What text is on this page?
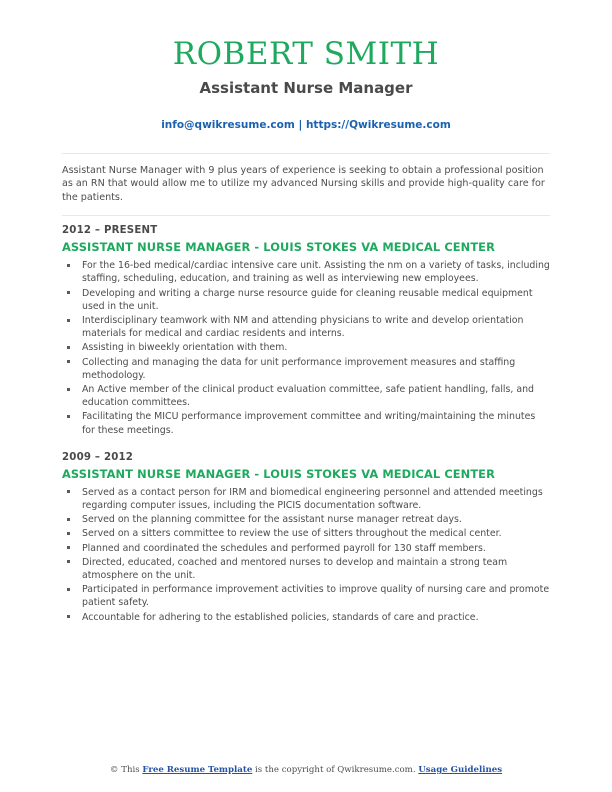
ROBERT SMITH
Assistant Nurse Manager
info@qwikresume.com | https://Qwikresume.com
Assistant Nurse Manager with 9 plus years of experience is seeking to obtain a professional position as an RN that would allow me to utilize my advanced Nursing skills and provide high-quality care for the patients.
2012 – PRESENT
ASSISTANT NURSE MANAGER - LOUIS STOKES VA MEDICAL CENTER
For the 16-bed medical/cardiac intensive care unit. Assisting the nm on a variety of tasks, including staffing, scheduling, education, and training as well as interviewing new employees.
Developing and writing a charge nurse resource guide for cleaning reusable medical equipment used in the unit.
Interdisciplinary teamwork with NM and attending physicians to write and develop orientation materials for medical and cardiac residents and interns.
Assisting in biweekly orientation with them.
Collecting and managing the data for unit performance improvement measures and staffing methodology.
An Active member of the clinical product evaluation committee, safe patient handling, falls, and education committees.
Facilitating the MICU performance improvement committee and writing/maintaining the minutes for these meetings.
2009 – 2012
ASSISTANT NURSE MANAGER - LOUIS STOKES VA MEDICAL CENTER
Served as a contact person for IRM and biomedical engineering personnel and attended meetings regarding computer issues, including the PICIS documentation software.
Served on the planning committee for the assistant nurse manager retreat days.
Served on a sitters committee to review the use of sitters throughout the medical center.
Planned and coordinated the schedules and performed payroll for 130 staff members.
Directed, educated, coached and mentored nurses to develop and maintain a strong team atmosphere on the unit.
Participated in performance improvement activities to improve quality of nursing care and promote patient safety.
Accountable for adhering to the established policies, standards of care and practice.
© This Free Resume Template is the copyright of Qwikresume.com. Usage Guidelines
